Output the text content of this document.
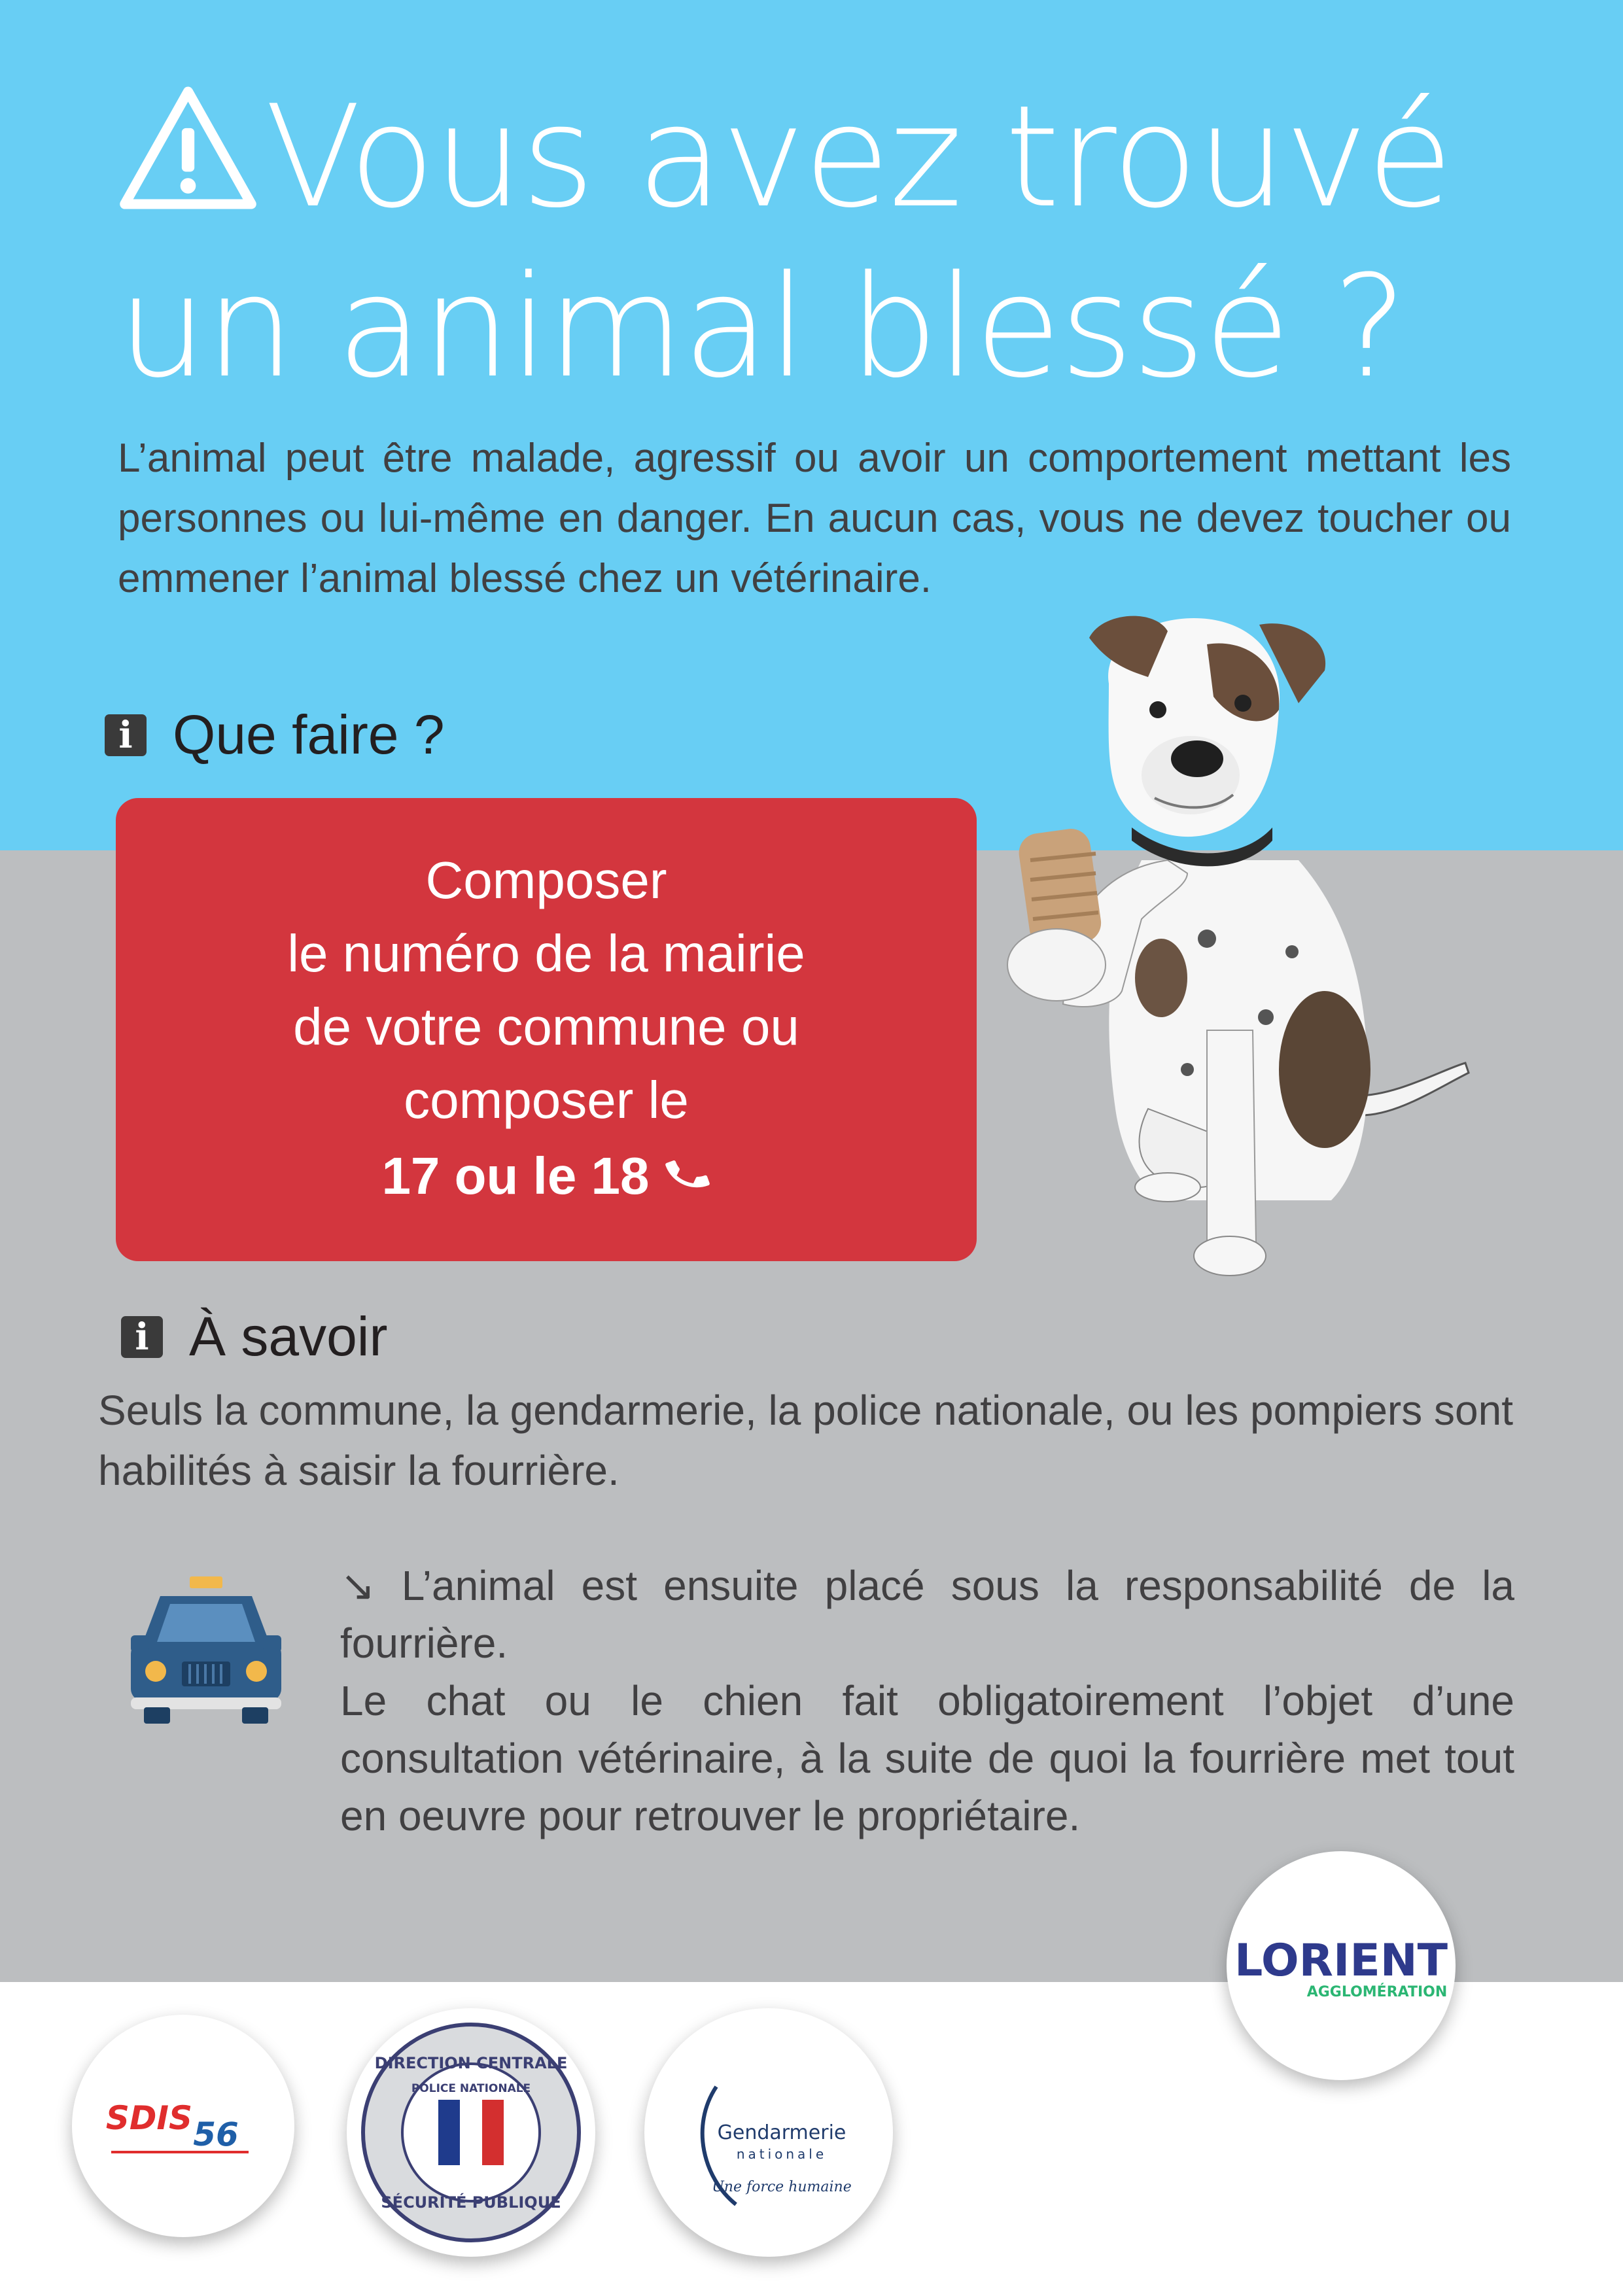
Vous avez trouvé
un animal blessé ?
L’animal peut être malade, agressif ou avoir un comportement mettant les personnes ou lui-même en danger. En aucun cas, vous ne devez toucher ou emmener l’animal blessé chez un vétérinaire.
i Que faire ?
Composer
le numéro de la mairie
de votre commune ou
composer le
17 ou le 18
i À savoir
Seuls la commune, la gendarmerie, la police nationale, ou les pompiers sont habilités à saisir la fourrière.
↘ L’animal est ensuite placé sous la responsabilité de la fourrière.
Le chat ou le chien fait obligatoirement l’objet d’une consultation vétérinaire, à la suite de quoi la fourrière met tout en oeuvre pour retrouver le propriétaire.
LORIENT
AGGLOMÉRATION
SDIS 56
DIRECTION CENTRALE
POLICE NATIONALE
SÉCURITÉ PUBLIQUE
Gendarmerie
nationale
Une force humaine
